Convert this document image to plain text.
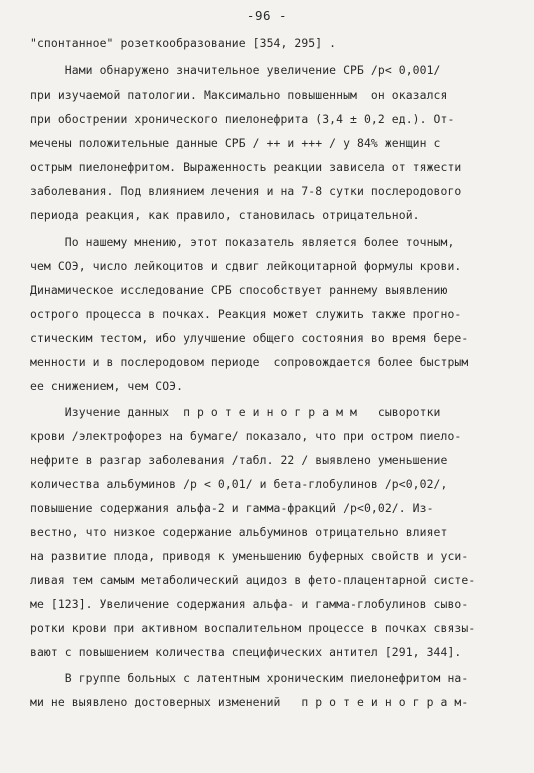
-96 -
"спонтанное" розеткообразование [354, 295] .
Нами обнаружено значительное увеличение СРБ /р< 0,001/
при изучаемой патологии. Максимально повышенным  он оказался
при обострении хронического пиелонефрита (3,4 ± 0,2 ед.). От-
мечены положительные данные СРБ / ++ и +++ / у 84% женщин с
острым пиелонефритом. Выраженность реакции зависела от тяжести
заболевания. Под влиянием лечения и на 7-8 сутки послеродового
периода реакция, как правило, становилась отрицательной.
По нашему мнению, этот показатель является более точным,
чем СОЭ, число лейкоцитов и сдвиг лейкоцитарной формулы крови.
Динамическое исследование СРБ способствует раннему выявлению
острого процесса в почках. Реакция может служить также прогно-
стическим тестом, ибо улучшение общего состояния во время бере-
менности и в послеродовом периоде  сопровождается более быстрым
ее снижением, чем СОЭ.
Изучение данных  п р о т е и н о г р а м м   сыворотки
крови /электрофорез на бумаге/ показало, что при остром пиело-
нефрите в разгар заболевания /табл. 22 / выявлено уменьшение
количества альбуминов /р < 0,01/ и бета-глобулинов /р<0,02/,
повышение содержания альфа-2 и гамма-фракций /р<0,02/. Из-
вестно, что низкое содержание альбуминов отрицательно влияет
на развитие плода, приводя к уменьшению буферных свойств и уси-
ливая тем самым метаболический ацидоз в фето-плацентарной систе-
ме [123]. Увеличение содержания альфа- и гамма-глобулинов сыво-
ротки крови при активном воспалительном процессе в почках связы-
вают с повышением количества специфических антител [291, 344].
В группе больных с латентным хроническим пиелонефритом на-
ми не выявлено достоверных изменений   п р о т е и н о г р а м-
